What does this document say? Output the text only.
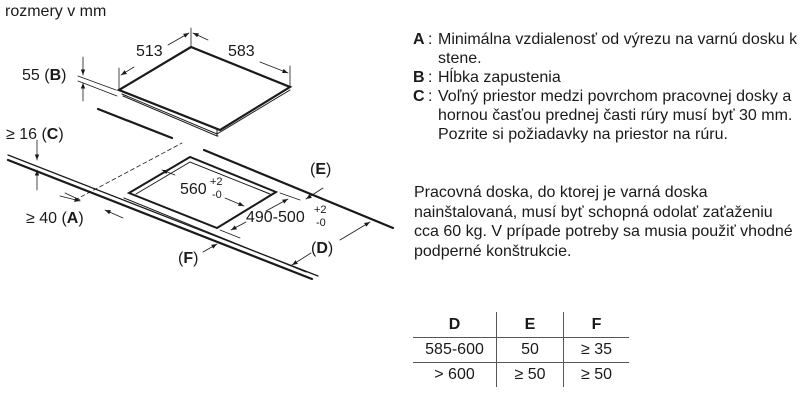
rozmery v mm
513	583
55 (B)
≥ 16 (C)
≥ 40 (A)
560 +2
-0
490-500 +2
-0
(E)
(D)
(F)
A : Minimálna vzdialenosť od výrezu na varnú dosku k stene.
B : Hĺbka zapustenia
C : Voľný priestor medzi povrchom pracovnej dosky a hornou časťou prednej časti rúry musí byť 30 mm. Pozrite si požiadavky na priestor na rúru.
Pracovná doska, do ktorej je varná doska nainštalovaná, musí byť schopná odolať zaťaženiu cca 60 kg. V prípade potreby sa musia použiť vhodné podperné konštrukcie.
D	E	F
585-600	50	≥ 35
> 600	≥ 50	≥ 50
